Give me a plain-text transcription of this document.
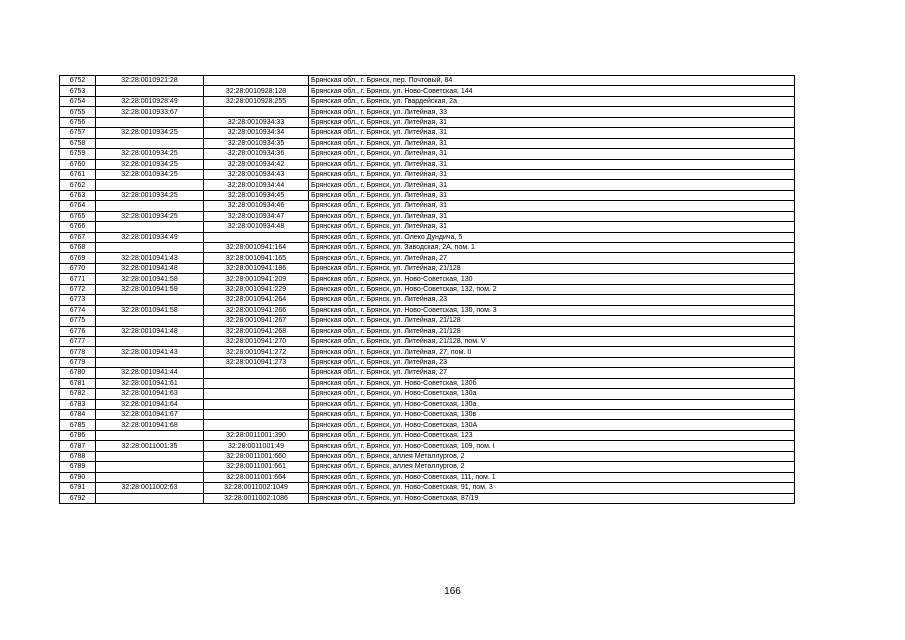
6752	32:28:0010921:28		Брянская обл., г. Брянск, пер. Почтовый, 84
6753		32:28:0010928:128	Брянская обл., г. Брянск, ул. Ново-Советская, 144
6754	32:28:0010928:49	32:28:0010928:255	Брянская обл., г. Брянск, ул. Гвардейская, 2а
6755	32:28:0010933:67		Брянская обл., г. Брянск, ул. Литейная, 33
6756		32:28:0010934:33	Брянская обл., г. Брянск, ул. Литейная, 31
6757	32:28:0010934:25	32:28:0010934:34	Брянская обл., г. Брянск, ул. Литейная, 31
6758		32:28:0010934:35	Брянская обл., г. Брянск, ул. Литейная, 31
6759	32:28:0010934:25	32:28:0010934:36	Брянская обл., г. Брянск, ул. Литейная, 31
6760	32:28:0010934:25	32:28:0010934:42	Брянская обл., г. Брянск, ул. Литейная, 31
6761	32:28:0010934:25	32:28:0010934:43	Брянская обл., г. Брянск, ул. Литейная, 31
6762		32:28:0010934:44	Брянская обл., г. Брянск, ул. Литейная, 31
6763	32:28:0010934:25	32:28:0010934:45	Брянская обл., г. Брянск, ул. Литейная, 31
6764		32:28:0010934:46	Брянская обл., г. Брянск, ул. Литейная, 31
6765	32:28:0010934:25	32:28:0010934:47	Брянская обл., г. Брянск, ул. Литейная, 31
6766		32:28:0010934:48	Брянская обл., г. Брянск, ул. Литейная, 31
6767	32:28:0010934:49		Брянская обл., г. Брянск, ул. Олеко Дундича, 5
6768		32:28:0010941:164	Брянская обл., г. Брянск, ул. Заводская, 2А, пом. 1
6769	32:28:0010941:43	32:28:0010941:165	Брянская обл., г. Брянск, ул. Литейная, 27
6770	32:28:0010941:48	32:28:0010941:186	Брянская обл., г. Брянск, ул. Литейная, 21/128
6771	32:28:0010941:58	32:28:0010941:209	Брянская обл., г. Брянск, ул. Ново-Советская, 130
6772	32:28:0010941:59	32:28:0010941:229	Брянская обл., г. Брянск, ул. Ново-Советская, 132, пом. 2
6773		32:28:0010941:264	Брянская обл., г. Брянск, ул. Литейная, 23
6774	32:28:0010941:58	32:28:0010941:266	Брянская обл., г. Брянск, ул. Ново-Советская, 130, пом. 3
6775		32:28:0010941:267	Брянская обл., г. Брянск, ул. Литейная, 21/128
6776	32:28:0010941:48	32:28:0010941:268	Брянская обл., г. Брянск, ул. Литейная, 21/128
6777		32:28:0010941:270	Брянская обл., г. Брянск, ул. Литейная, 21/128, пом. V
6778	32:28:0010941:43	32:28:0010941:272	Брянская обл., г. Брянск, ул. Литейная, 27, пом. II
6779		32:28:0010941:273	Брянская обл., г. Брянск, ул. Литейная, 23
6780	32:28:0010941:44		Брянская обл., г. Брянск, ул. Литейная, 27
6781	32:28:0010941:61		Брянская обл., г. Брянск, ул. Ново-Советская, 130б
6782	32:28:0010941:63		Брянская обл., г. Брянск, ул. Ново-Советская, 130а
6783	32:28:0010941:64		Брянская обл., г. Брянск, ул. Ново-Советская, 130а
6784	32:28:0010941:67		Брянская обл., г. Брянск, ул. Ново-Советская, 130в
6785	32:28:0010941:68		Брянская обл., г. Брянск, ул. Ново-Советская, 130А
6786		32:28:0011001:390	Брянская обл., г. Брянск, ул. Ново-Советская, 123
6787	32:28:0011001:35	32:28:0011001:49	Брянская обл., г. Брянск, ул. Ново-Советская, 109, пом. I
6788		32:28:0011001:660	Брянская обл., г. Брянск, аллея Металлургов, 2
6789		32:28:0011001:661	Брянская обл., г. Брянск, аллея Металлургов, 2
6790		32:28:0011001:664	Брянская обл., г. Брянск, ул. Ново-Советская, 111, пом. 1
6791	32:28:0011002:63	32:28:0011002:1049	Брянская обл., г. Брянск, ул. Ново-Советская, 91, пом. 3
6792		32:28:0011002:1086	Брянская обл., г. Брянск, ул. Ново-Советская, 87/19
166
